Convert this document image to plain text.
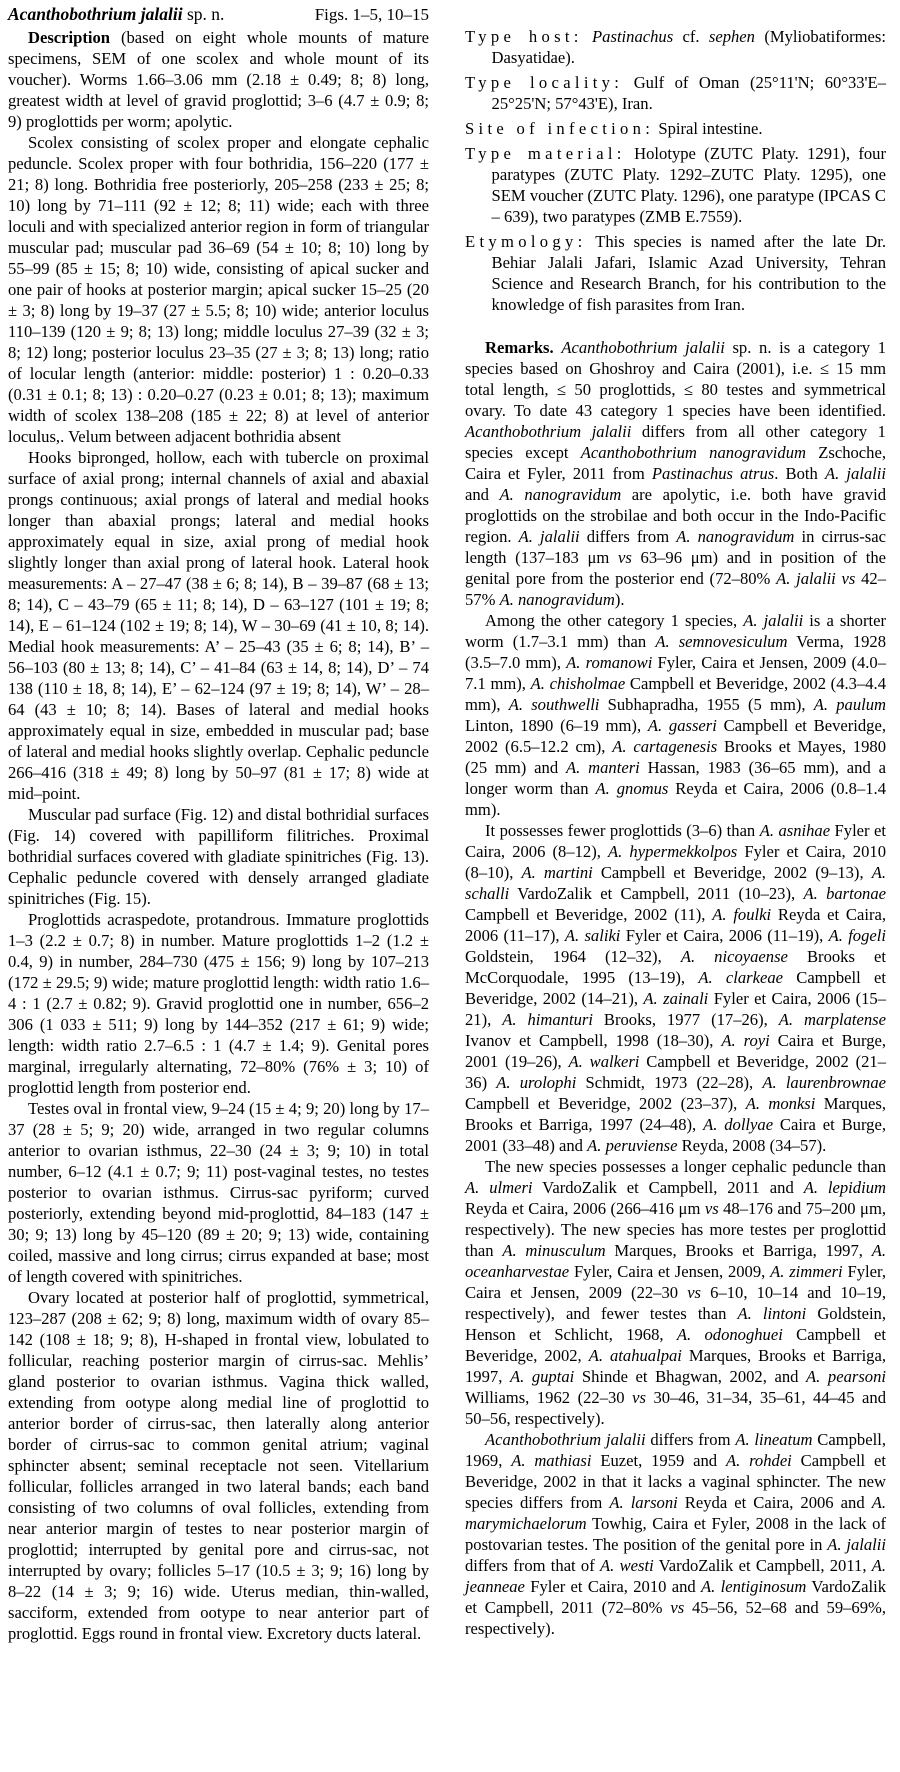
Acanthobothrium jalalii sp. n.	Figs. 1–5, 10–15

Description (based on eight whole mounts of mature specimens, SEM of one scolex and whole mount of its voucher). Worms 1.66–3.06 mm (2.18 ± 0.49; 8; 8) long, greatest width at level of gravid proglottid; 3–6 (4.7 ± 0.9; 8; 9) proglottids per worm; apolytic.

Scolex consisting of scolex proper and elongate cephalic peduncle. Scolex proper with four bothridia, 156–220 (177 ± 21; 8) long. Bothridia free posteriorly, 205–258 (233 ± 25; 8; 10) long by 71–111 (92 ± 12; 8; 11) wide; each with three loculi and with specialized anterior region in form of triangular muscular pad; muscular pad 36–69 (54 ± 10; 8; 10) long by 55–99 (85 ± 15; 8; 10) wide, consisting of apical sucker and one pair of hooks at posterior margin; apical sucker 15–25 (20 ± 3; 8) long by 19–37 (27 ± 5.5; 8; 10) wide; anterior loculus 110–139 (120 ± 9; 8; 13) long; middle loculus 27–39 (32 ± 3; 8; 12) long; posterior loculus 23–35 (27 ± 3; 8; 13) long; ratio of locular length (anterior: middle: posterior) 1 : 0.20–0.33 (0.31 ± 0.1; 8; 13) : 0.20–0.27 (0.23 ± 0.01; 8; 13); maximum width of scolex 138–208 (185 ± 22; 8) at level of anterior loculus,. Velum between adjacent bothridia absent

Hooks bipronged, hollow, each with tubercle on proximal surface of axial prong; internal channels of axial and abaxial prongs continuous; axial prongs of lateral and medial hooks longer than abaxial prongs; lateral and medial hooks approximately equal in size, axial prong of medial hook slightly longer than axial prong of lateral hook. Lateral hook measurements: A – 27–47 (38 ± 6; 8; 14), B – 39–87 (68 ± 13; 8; 14), C – 43–79 (65 ± 11; 8; 14), D – 63–127 (101 ± 19; 8; 14), E – 61–124 (102 ± 19; 8; 14), W – 30–69 (41 ± 10, 8; 14). Medial hook measurements: A’ – 25–43 (35 ± 6; 8; 14), B’ – 56–103 (80 ± 13; 8; 14), C’ – 41–84 (63 ± 14, 8; 14), D’ – 74 138 (110 ± 18, 8; 14), E’ – 62–124 (97 ± 19; 8; 14), W’ – 28–64 (43 ± 10; 8; 14). Bases of lateral and medial hooks approximately equal in size, embedded in muscular pad; base of lateral and medial hooks slightly overlap. Cephalic peduncle 266–416 (318 ± 49; 8) long by 50–97 (81 ± 17; 8) wide at mid–point.

Muscular pad surface (Fig. 12) and distal bothridial surfaces (Fig. 14) covered with papilliform filitriches. Proximal bothridial surfaces covered with gladiate spinitriches (Fig. 13). Cephalic peduncle covered with densely arranged gladiate spinitriches (Fig. 15).

Proglottids acraspedote, protandrous. Immature proglottids 1–3 (2.2 ± 0.7; 8) in number. Mature proglottids 1–2 (1.2 ± 0.4, 9) in number, 284–730 (475 ± 156; 9) long by 107–213 (172 ± 29.5; 9) wide; mature proglottid length: width ratio 1.6–4 : 1 (2.7 ± 0.82; 9). Gravid proglottid one in number, 656–2 306 (1 033 ± 511; 9) long by 144–352 (217 ± 61; 9) wide; length: width ratio 2.7–6.5 : 1 (4.7 ± 1.4; 9). Genital pores marginal, irregularly alternating, 72–80% (76% ± 3; 10) of proglottid length from posterior end.

Testes oval in frontal view, 9–24 (15 ± 4; 9; 20) long by 17–37 (28 ± 5; 9; 20) wide, arranged in two regular columns anterior to ovarian isthmus, 22–30 (24 ± 3; 9; 10) in total number, 6–12 (4.1 ± 0.7; 9; 11) post-vaginal testes, no testes posterior to ovarian isthmus. Cirrus-sac pyriform; curved posteriorly, extending beyond mid-proglottid, 84–183 (147 ± 30; 9; 13) long by 45–120 (89 ± 20; 9; 13) wide, containing coiled, massive and long cirrus; cirrus expanded at base; most of length covered with spinitriches.

Ovary located at posterior half of proglottid, symmetrical, 123–287 (208 ± 62; 9; 8) long, maximum width of ovary 85–142 (108 ± 18; 9; 8), H-shaped in frontal view, lobulated to follicular, reaching posterior margin of cirrus-sac. Mehlis’ gland posterior to ovarian isthmus. Vagina thick walled, extending from ootype along medial line of proglottid to anterior border of cirrus-sac, then laterally along anterior border of cirrus-sac to common genital atrium; vaginal sphincter absent; seminal receptacle not seen. Vitellarium follicular, follicles arranged in two lateral bands; each band consisting of two columns of oval follicles, extending from near anterior margin of testes to near posterior margin of proglottid; interrupted by genital pore and cirrus-sac, not interrupted by ovary; follicles 5–17 (10.5 ± 3; 9; 16) long by 8–22 (14 ± 3; 9; 16) wide. Uterus median, thin-walled, sacciform, extended from ootype to near anterior part of proglottid. Eggs round in frontal view. Excretory ducts lateral.

Type host: Pastinachus cf. sephen (Myliobatiformes: Dasyatidae).

Type locality: Gulf of Oman (25°11'N; 60°33'E–25°25'N; 57°43'E), Iran.

Site of infection: Spiral intestine.

Type material: Holotype (ZUTC Platy. 1291), four paratypes (ZUTC Platy. 1292–ZUTC Platy. 1295), one SEM voucher (ZUTC Platy. 1296), one paratype (IPCAS C – 639), two paratypes (ZMB E.7559).

Etymology: This species is named after the late Dr. Behiar Jalali Jafari, Islamic Azad University, Tehran Science and Research Branch, for his contribution to the knowledge of fish parasites from Iran.

Remarks. Acanthobothrium jalalii sp. n. is a category 1 species based on Ghoshroy and Caira (2001), i.e. ≤ 15 mm total length, ≤ 50 proglottids, ≤ 80 testes and symmetrical ovary. To date 43 category 1 species have been identified. Acanthobothrium jalalii differs from all other category 1 species except Acanthobothrium nanogravidum Zschoche, Caira et Fyler, 2011 from Pastinachus atrus. Both A. jalalii and A. nanogravidum are apolytic, i.e. both have gravid proglottids on the strobilae and both occur in the Indo-Pacific region. A. jalalii differs from A. nanogravidum in cirrus-sac length (137–183 μm vs 63–96 μm) and in position of the genital pore from the posterior end (72–80% A. jalalii vs 42–57% A. nanogravidum).

Among the other category 1 species, A. jalalii is a shorter worm (1.7–3.1 mm) than A. semnovesiculum Verma, 1928 (3.5–7.0 mm), A. romanowi Fyler, Caira et Jensen, 2009 (4.0–7.1 mm), A. chisholmae Campbell et Beveridge, 2002 (4.3–4.4 mm), A. southwelli Subhapradha, 1955 (5 mm), A. paulum Linton, 1890 (6–19 mm), A. gasseri Campbell et Beveridge, 2002 (6.5–12.2 cm), A. cartagenesis Brooks et Mayes, 1980 (25 mm) and A. manteri Hassan, 1983 (36–65 mm), and a longer worm than A. gnomus Reyda et Caira, 2006 (0.8–1.4 mm).

It possesses fewer proglottids (3–6) than A. asnihae Fyler et Caira, 2006 (8–12), A. hypermekkolpos Fyler et Caira, 2010 (8–10), A. martini Campbell et Beveridge, 2002 (9–13), A. schalli VardoZalik et Campbell, 2011 (10–23), A. bartonae Campbell et Beveridge, 2002 (11), A. foulki Reyda et Caira, 2006 (11–17), A. saliki Fyler et Caira, 2006 (11–19), A. fogeli Goldstein, 1964 (12–32), A. nicoyaense Brooks et McCorquodale, 1995 (13–19), A. clarkeae Campbell et Beveridge, 2002 (14–21), A. zainali Fyler et Caira, 2006 (15–21), A. himanturi Brooks, 1977 (17–26), A. marplatense Ivanov et Campbell, 1998 (18–30), A. royi Caira et Burge, 2001 (19–26), A. walkeri Campbell et Beveridge, 2002 (21–36) A. urolophi Schmidt, 1973 (22–28), A. laurenbrownae Campbell et Beveridge, 2002 (23–37), A. monksi Marques, Brooks et Barriga, 1997 (24–48), A. dollyae Caira et Burge, 2001 (33–48) and A. peruviense Reyda, 2008 (34–57).

The new species possesses a longer cephalic peduncle than A. ulmeri VardoZalik et Campbell, 2011 and A. lepidium Reyda et Caira, 2006 (266–416 μm vs 48–176 and 75–200 μm, respectively). The new species has more testes per proglottid than A. minusculum Marques, Brooks et Barriga, 1997, A. oceanharvestae Fyler, Caira et Jensen, 2009, A. zimmeri Fyler, Caira et Jensen, 2009 (22–30 vs 6–10, 10–14 and 10–19, respectively), and fewer testes than A. lintoni Goldstein, Henson et Schlicht, 1968, A. odonoghuei Campbell et Beveridge, 2002, A. atahualpai Marques, Brooks et Barriga, 1997, A. guptai Shinde et Bhagwan, 2002, and A. pearsoni Williams, 1962 (22–30 vs 30–46, 31–34, 35–61, 44–45 and 50–56, respectively).

Acanthobothrium jalalii differs from A. lineatum Campbell, 1969, A. mathiasi Euzet, 1959 and A. rohdei Campbell et Beveridge, 2002 in that it lacks a vaginal sphincter. The new species differs from A. larsoni Reyda et Caira, 2006 and A. marymichaelorum Towhig, Caira et Fyler, 2008 in the lack of postovarian testes. The position of the genital pore in A. jalalii differs from that of A. westi VardoZalik et Campbell, 2011, A. jeanneae Fyler et Caira, 2010 and A. lentiginosum VardoZalik et Campbell, 2011 (72–80% vs 45–56, 52–68 and 59–69%, respectively).
